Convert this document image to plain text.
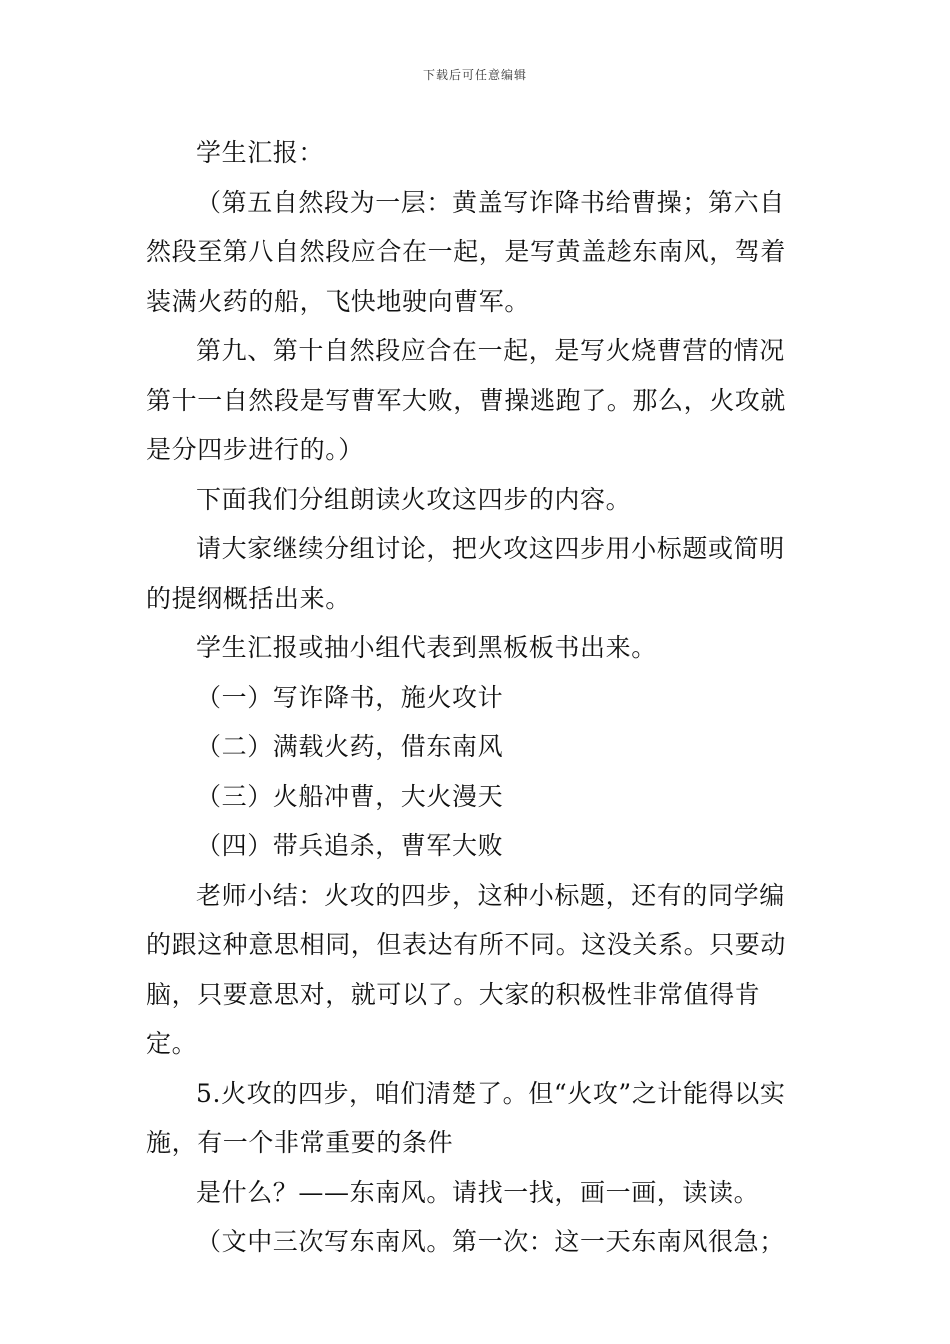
下载后可任意编辑

学生汇报：

（第五自然段为一层：黄盖写诈降书给曹操；第六自然段至第八自然段应合在一起，是写黄盖趁东南风，驾着装满火药的船，飞快地驶向曹军。

第九、第十自然段应合在一起，是写火烧曹营的情况第十一自然段是写曹军大败，曹操逃跑了。那么，火攻就是分四步进行的。）

下面我们分组朗读火攻这四步的内容。

请大家继续分组讨论，把火攻这四步用小标题或简明的提纲概括出来。

学生汇报或抽小组代表到黑板板书出来。

（一）写诈降书，施火攻计

（二）满载火药，借东南风

（三）火船冲曹，大火漫天

（四）带兵追杀，曹军大败

老师小结：火攻的四步，这种小标题，还有的同学编的跟这种意思相同，但表达有所不同。这没关系。只要动脑，只要意思对，就可以了。大家的积极性非常值得肯定。

5.火攻的四步，咱们清楚了。但“火攻”之计能得以实施，有一个非常重要的条件

是什么？——东南风。请找一找，画一画，读读。

（文中三次写东南风。第一次：这一天东南风很急；
